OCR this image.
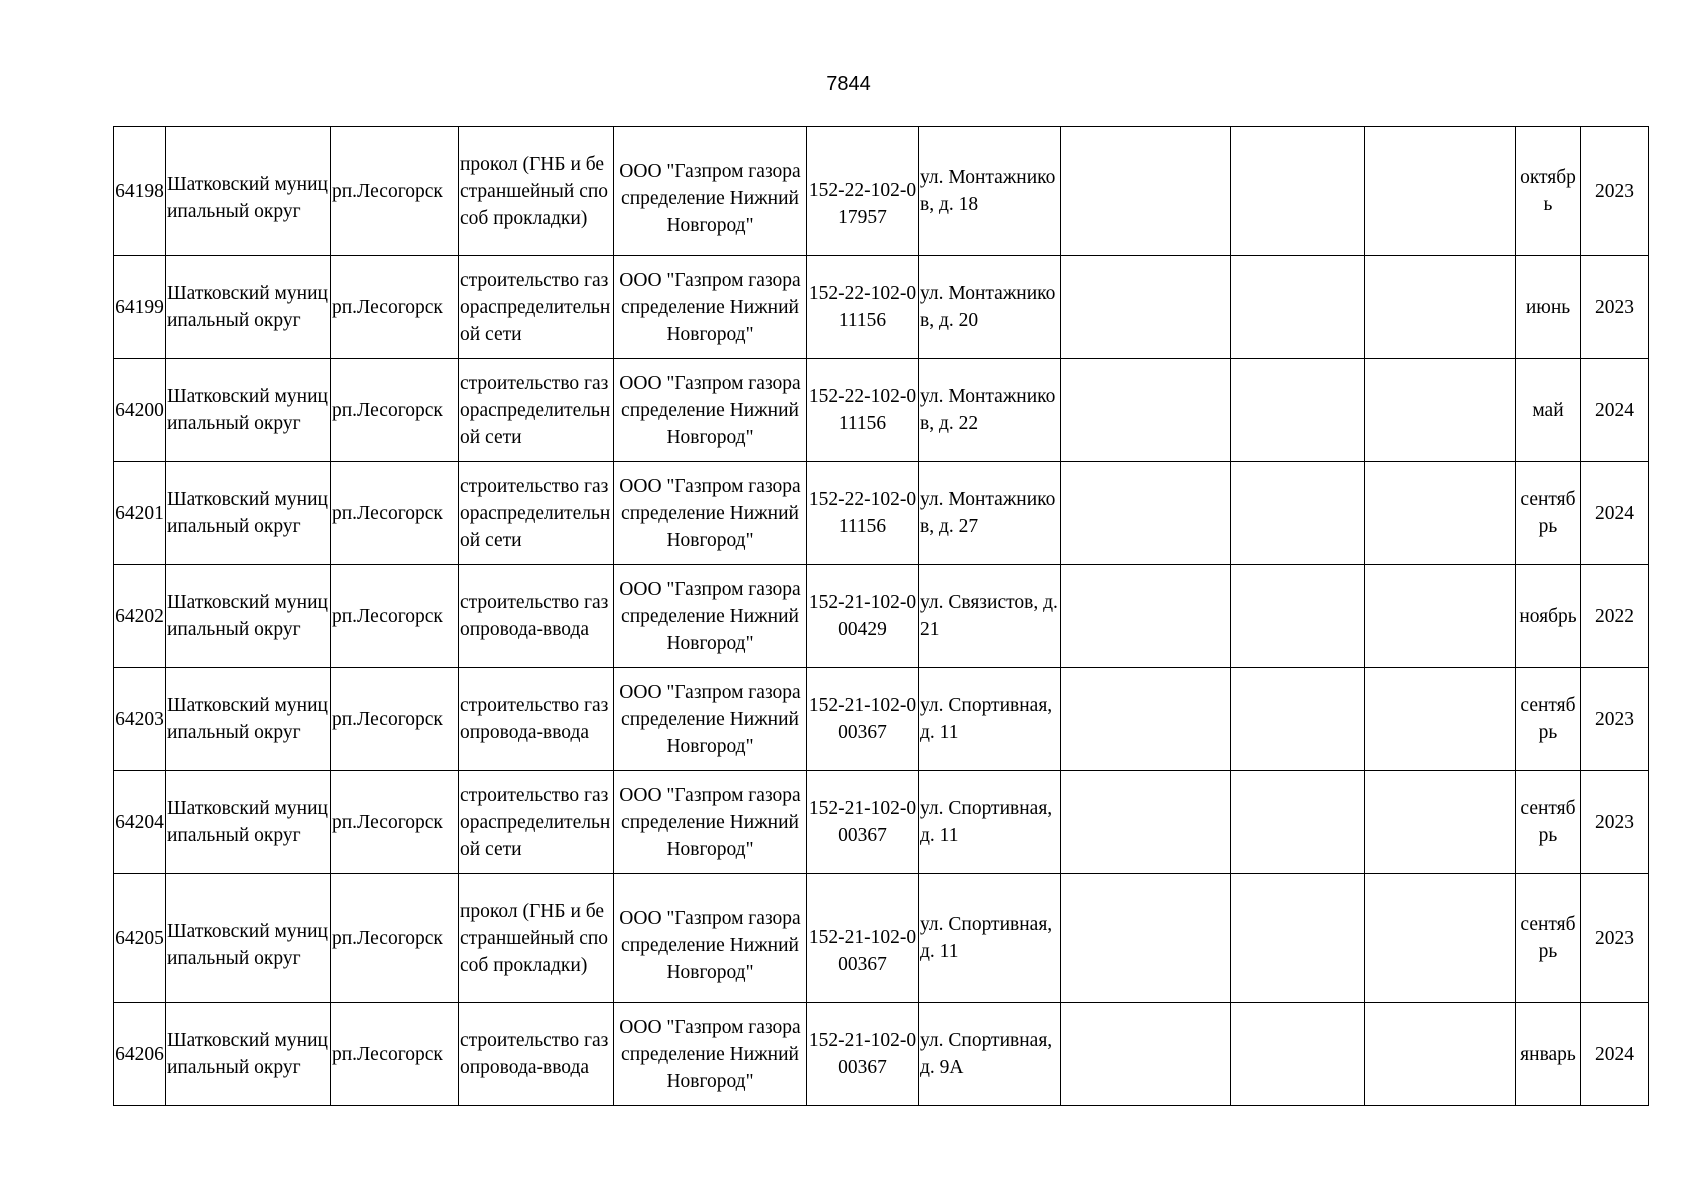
7844
64198	Шатковский муниципальный округ	рп.Лесогорск	прокол (ГНБ и бестраншейный способ прокладки)	ООО "Газпром газораспределение Нижний Новгород"	152-22-102-017957	ул. Монтажников, д. 18				октябрь	2023
64199	Шатковский муниципальный округ	рп.Лесогорск	строительство газораспределительной сети	ООО "Газпром газораспределение Нижний Новгород"	152-22-102-011156	ул. Монтажников, д. 20				июнь	2023
64200	Шатковский муниципальный округ	рп.Лесогорск	строительство газораспределительной сети	ООО "Газпром газораспределение Нижний Новгород"	152-22-102-011156	ул. Монтажников, д. 22				май	2024
64201	Шатковский муниципальный округ	рп.Лесогорск	строительство газораспределительной сети	ООО "Газпром газораспределение Нижний Новгород"	152-22-102-011156	ул. Монтажников, д. 27				сентябрь	2024
64202	Шатковский муниципальный округ	рп.Лесогорск	строительство газопровода-ввода	ООО "Газпром газораспределение Нижний Новгород"	152-21-102-000429	ул. Связистов, д. 21				ноябрь	2022
64203	Шатковский муниципальный округ	рп.Лесогорск	строительство газопровода-ввода	ООО "Газпром газораспределение Нижний Новгород"	152-21-102-000367	ул. Спортивная, д. 11				сентябрь	2023
64204	Шатковский муниципальный округ	рп.Лесогорск	строительство газораспределительной сети	ООО "Газпром газораспределение Нижний Новгород"	152-21-102-000367	ул. Спортивная, д. 11				сентябрь	2023
64205	Шатковский муниципальный округ	рп.Лесогорск	прокол (ГНБ и бестраншейный способ прокладки)	ООО "Газпром газораспределение Нижний Новгород"	152-21-102-000367	ул. Спортивная, д. 11				сентябрь	2023
64206	Шатковский муниципальный округ	рп.Лесогорск	строительство газопровода-ввода	ООО "Газпром газораспределение Нижний Новгород"	152-21-102-000367	ул. Спортивная, д. 9А				январь	2024
